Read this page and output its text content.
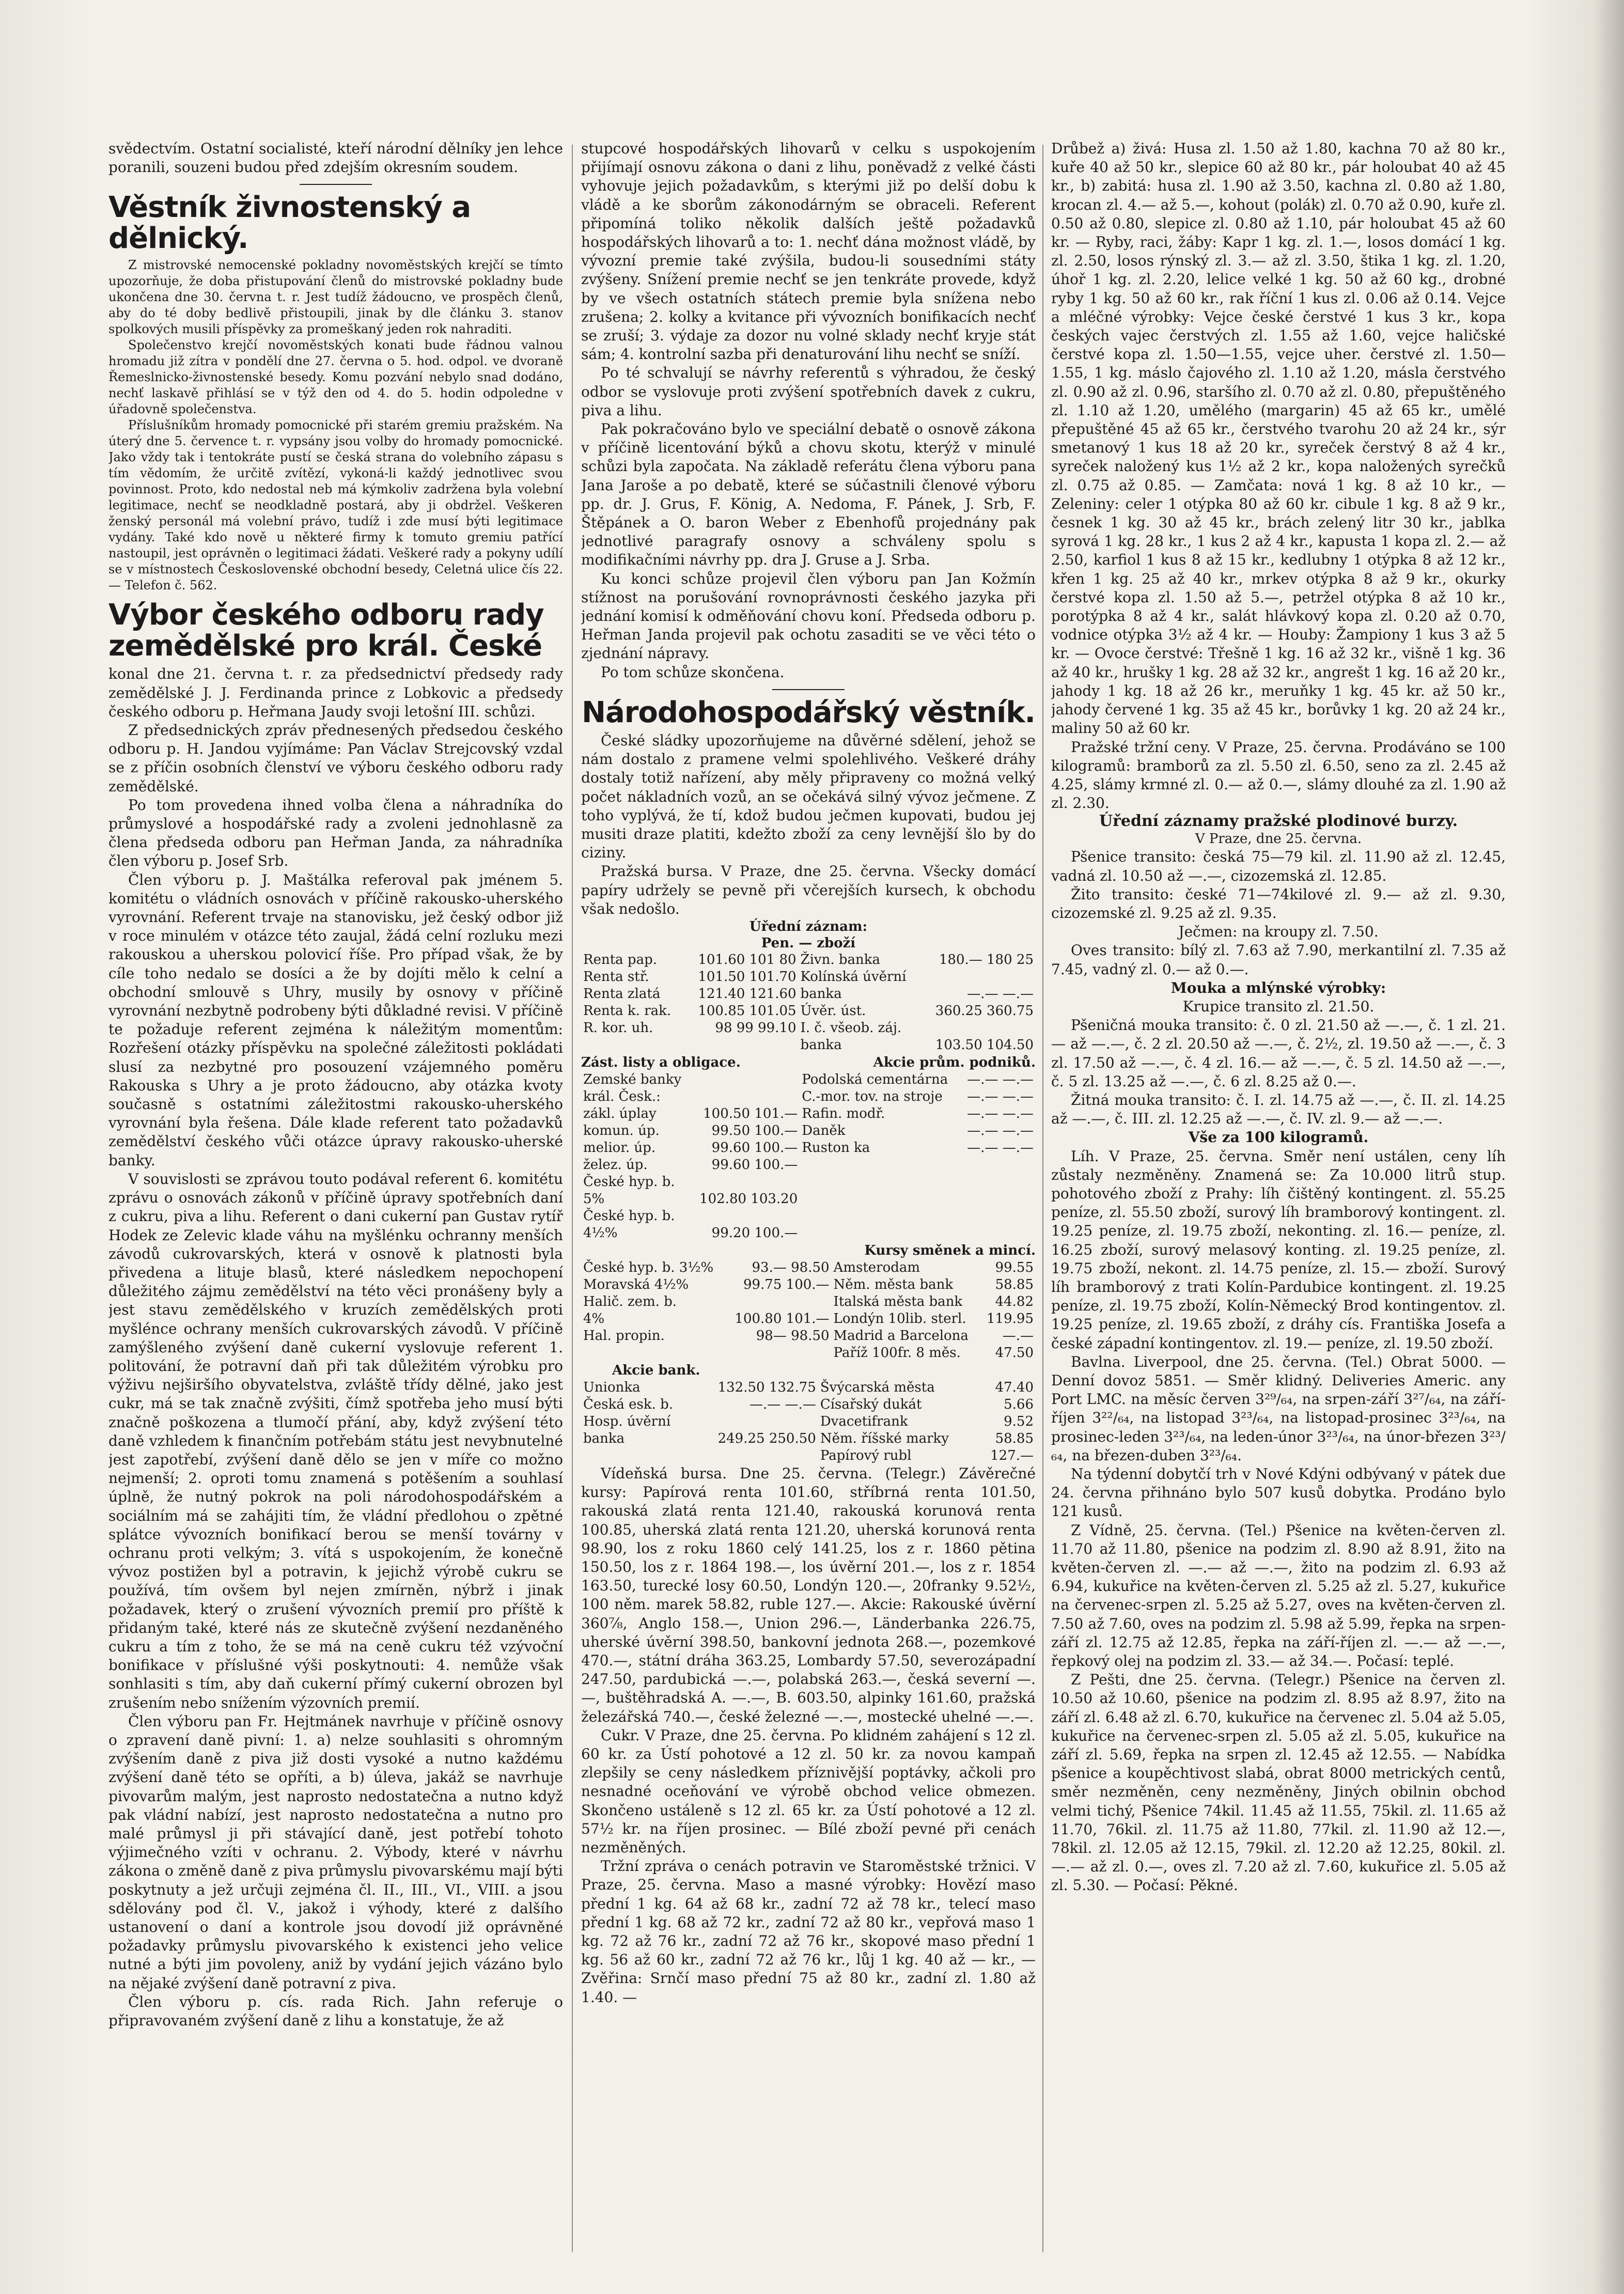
svědectvím. Ostatní socialisté, kteří národní dělníky jen lehce poranili, souzeni budou před zdejším okresním soudem.

Věstník živnostenský a dělnický.

Z mistrovské nemocenské pokladny novoměstských krejčí se tímto upozorňuje, že doba přistupování členů do mistrovské pokladny bude ukončena dne 30. června t. r. Jest tudíž žádoucno, ve prospěch členů, aby do té doby bedlivě přistoupili, jinak by dle článku 3. stanov spolkových musili příspěvky za promeškaný jeden rok nahraditi.

Společenstvo krejčí novoměstských konati bude řádnou valnou hromadu již zítra v pondělí dne 27. června o 5. hod. odpol. ve dvoraně Řemeslnicko-živnostenské besedy. Komu pozvání nebylo snad dodáno, nechť laskavě přihlásí se v týž den od 4. do 5. hodin odpoledne v úřadovně společenstva.

Příslušníkům hromady pomocnické při starém gremiu pražském. Na úterý dne 5. července t. r. vypsány jsou volby do hromady pomocnické. Jako vždy tak i tentokráte pustí se česká strana do volebního zápasu s tím vědomím, že určitě zvítězí, vykoná-li každý jednotlivec svou povinnost. Proto, kdo nedostal neb má kýmkoliv zadržena byla volební legitimace, nechť se neodkladně postará, aby ji obdržel. Veškeren ženský personál má volební právo, tudíž i zde musí býti legitimace vydány. Také kdo nově u některé firmy k tomuto gremiu patřící nastoupil, jest oprávněn o legitimaci žádati. Veškeré rady a pokyny udílí se v místnostech Československé obchodní besedy, Celetná ulice čís 22. — Telefon č. 562.

Výbor českého odboru rady zemědělské pro král. České

konal dne 21. června t. r. za předsednictví předsedy rady zemědělské J. J. Ferdinanda prince z Lobkovic a předsedy českého odboru p. Heřmana Jaudy svoji letošní III. schůzi.

Z předsednických zpráv přednesených předsedou českého odboru p. H. Jandou vyjímáme: Pan Václav Strejcovský vzdal se z příčin osobních členství ve výboru českého odboru rady zemědělské.

Po tom provedena ihned volba člena a náhradníka do průmyslové a hospodářské rady a zvoleni jednohlasně za člena předseda odboru pan Heřman Janda, za náhradníka člen výboru p. Josef Srb.

Člen výboru p. J. Maštálka referoval pak jménem 5. komitétu o vládních osnovách v příčině rakousko-uherského vyrovnání. Referent trvaje na stanovisku, jež český odbor již v roce minulém v otázce této zaujal, žádá celní rozluku mezi rakouskou a uherskou polovicí říše. Pro případ však, že by cíle toho nedalo se dosíci a že by dojíti mělo k celní a obchodní smlouvě s Uhry, musily by osnovy v příčině vyrovnání nezbytně podrobeny býti důkladné revisi. V příčině te požaduje referent zejména k náležitým momentům: Rozřešení otázky příspěvku na společné záležitosti pokládati slusí za nezbytné pro posouzení vzájemného poměru Rakouska s Uhry a je proto žádoucno, aby otázka kvoty současně s ostatními záležitostmi rakousko-uherského vyrovnání byla řešena. Dále klade referent tato požadavků zemědělství českého vůči otázce úpravy rakousko-uherské banky.

V souvislosti se zprávou touto podával referent 6. komitétu zprávu o osnovách zákonů v příčině úpravy spotřebních daní z cukru, piva a lihu. Referent o dani cukerní pan Gustav rytíř Hodek ze Zelevic klade váhu na myšlénku ochranny menších závodů cukrovarských, která v osnově k platnosti byla přivedena a lituje blasů, které následkem nepochopení důležitého zájmu zemědělství na této věci pronášeny byly a jest stavu zemědělského v kruzích zemědělských proti myšlénce ochrany menších cukrovarských závodů. V příčině zamýšleného zvýšení daně cukerní vyslovuje referent 1. politování, že potravní daň při tak důležitém výrobku pro výživu nejširšího obyvatelstva, zvláště třídy dělné, jako jest cukr, má se tak značně zvýšiti, čímž spotřeba jeho musí býti značně poškozena a tlumočí přání, aby, když zvýšení této daně vzhledem k finančním potřebám státu jest nevybnutelné jest zapotřebí, zvýšení daně dělo se jen v míře co možno nejmenší; 2. oproti tomu znamená s potěšením a souhlasí úplně, že nutný pokrok na poli národohospodářském a sociálním má se zahájiti tím, že vládní předlohou o zpětné splátce vývozních bonifikací berou se menší továrny v ochranu proti velkým; 3. vítá s uspokojením, že konečně vývoz postižen byl a potravin, k jejichž výrobě cukru se používá, tím ovšem byl nejen zmírněn, nýbrž i jinak požadavek, který o zrušení vývozních premií pro příště k přidaným také, které nás ze skutečně zvýšení nezdaněného cukru a tím z toho, že se má na ceně cukru též vzývoční bonifikace v příslušné výši poskytnouti: 4. nemůže však sonhlasiti s tím, aby daň cukerní přímý cukerní obrozen byl zrušením nebo snížením výzovních premií.

Člen výboru pan Fr. Hejtmánek navrhuje v příčině osnovy o zpravení daně pivní: 1. a) nelze souhlasiti s ohromným zvýšením daně z piva již dosti vysoké a nutno každému zvýšení daně této se opříti, a b) úleva, jakáž se navrhuje pivovarům malým, jest naprosto nedostatečna a nutno když pak vládní nabízí, jest naprosto nedostatečna a nutno pro malé průmysl ji při stávající daně, jest potřebí tohoto výjimečného vzíti v ochranu. 2. Výbody, které v návrhu zákona o změně daně z piva průmyslu pivovarskému mají býti poskytnuty a jež určuji zejména čl. II., III., VI., VIII. a jsou sdělovány pod čl. V., jakož i výhody, které z dalšího ustanovení o daní a kontrole jsou dovodí již oprávněné požadavky průmyslu pivovarského k existenci jeho velice nutné a býti jim povoleny, aniž by vydání jejich vázáno bylo na nějaké zvýšení daně potravní z piva.

Člen výboru p. cís. rada Rich. Jahn referuje o připravovaném zvýšení daně z lihu a konstatuje, že až

stupcové hospodářských lihovarů v celku s uspokojením přijímají osnovu zákona o dani z lihu, poněvadž z velké části vyhovuje jejich požadavkům, s kterými již po delší dobu k vládě a ke sborům zákonodárným se obraceli. Referent připomíná toliko několik dalších ještě požadavků hospodářských lihovarů a to: 1. nechť dána možnost vládě, by vývozní premie také zvýšila, budou-li sousedními státy zvýšeny. Snížení premie nechť se jen tenkráte provede, když by ve všech ostatních státech premie byla snížena nebo zrušena; 2. kolky a kvitance při vývozních bonifikacích nechť se zruší; 3. výdaje za dozor nu volné sklady nechť kryje stát sám; 4. kontrolní sazba při denaturování lihu nechť se sníží.

Po té schvalují se návrhy referentů s výhradou, že český odbor se vyslovuje proti zvýšení spotřebních davek z cukru, piva a lihu.

Pak pokračováno bylo ve speciální debatě o osnově zákona v příčině licentování býků a chovu skotu, kterýž v minulé schůzi byla započata. Na základě referátu člena výboru pana Jana Jaroše a po debatě, které se súčastnili členové výboru pp. dr. J. Grus, F. König, A. Nedoma, F. Pánek, J. Srb, F. Štěpánek a O. baron Weber z Ebenhofů projednány pak jednotlivé paragrafy osnovy a schváleny spolu s modifikačními návrhy pp. dra J. Gruse a J. Srba.

Ku konci schůze projevil člen výboru pan Jan Kožmín stížnost na porušování rovnoprávnosti českého jazyka při jednání komisí k odměňování chovu koní. Předseda odboru p. Heřman Janda projevil pak ochotu zasaditi se ve věci této o zjednání nápravy.

Po tom schůze skončena.

Národohospodářský věstník.

České sládky upozorňujeme na důvěrné sdělení, jehož se nám dostalo z pramene velmi spolehlivého. Veškeré dráhy dostaly totiž nařízení, aby měly připraveny co možná velký počet nákladních vozů, an se očekává silný vývoz ječmene. Z toho vyplývá, že tí, kdož budou ječmen kupovati, budou jej musiti draze platiti, kdežto zboží za ceny levnější šlo by do ciziny.

Pražská bursa. V Praze, dne 25. června. Všecky domácí papíry udržely se pevně při včerejších kursech, k obchodu však nedošlo.

Úřední záznam:
Pen. — zboží
Renta pap.	101.60 101 80	Živn. banka	180.— 180 25
Renta stř.	101.50 101.70	Kolínská úvěrní	
Renta zlatá	121.40 121.60	banka	—.— —.—
Renta k. rak.	100.85 101.05	Úvěr. úst.	360.25 360.75
R. kor. uh.	98 99 99.10	I. č. všeob. záj.	
		banka	103.50 104.50
Zást. listy a obligace.	Akcie prům. podniků.
Zemské banky		Podolská cementárna	—.— —.—
král. Česk.:		C.-mor. tov. na stroje	—.— —.—
zákl. úplay	100.50 101.—	Rafin. modř.	—.— —.—
komun. úp.	99.50 100.—	Daněk	—.— —.—
melior. úp.	99.60 100.—	Ruston ka	—.— —.—
želez. úp.	99.60 100.—		
České hyp. b.			
5%	102.80 103.20		
České hyp. b.			
4½%	99.20 100.—		
Kursy směnek a mincí.
České hyp. b. 3½%	93.— 98.50	Amsterodam	99.55
Moravská 4½%	99.75 100.—	Něm. města bank	58.85
Halič. zem. b.		Italská města bank	44.82
4%	100.80 101.—	Londýn 10lib. sterl.	119.95
Hal. propin.	98— 98.50	Madrid a Barcelona	—.—
		Paříž 100fr. 8 měs.	47.50
Akcie bank.
Unionka	132.50 132.75	Švýcarská města	47.40
Česká esk. b.	—.— —.—	Císařský dukát	5.66
Hosp. úvěrní		Dvacetifrank	9.52
banka	249.25 250.50	Něm. říšské marky	58.85
		Papírový rubl	127.—

Vídeňská bursa. Dne 25. června. (Telegr.) Závěrečné kursy: Papírová renta 101.60, stříbrná renta 101.50, rakouská zlatá renta 121.40, rakouská korunová renta 100.85, uherská zlatá renta 121.20, uherská korunová renta 98.90, los z roku 1860 celý 141.25, los z r. 1860 pětina 150.50, los z r. 1864 198.—, los úvěrní 201.—, los z r. 1854 163.50, turecké losy 60.50, Londýn 120.—, 20franky 9.52½, 100 něm. marek 58.82, ruble 127.—. Akcie: Rakouské úvěrní 360⅞, Anglo 158.—, Union 296.—, Länderbanka 226.75, uherské úvěrní 398.50, bankovní jednota 268.—, pozemkové 470.—, státní dráha 363.25, Lombardy 57.50, severozápadní 247.50, pardubická —.—, polabská 263.—, česká severní —.—, buštěhradská A. —.—, B. 603.50, alpinky 161.60, pražská železářská 740.—, české železné —.—, mostecké uhelné —.—.

Cukr. V Praze, dne 25. června. Po klidném zahájení s 12 zl. 60 kr. za Ústí pohotové a 12 zl. 50 kr. za novou kampaň zlepšily se ceny následkem příznivější poptávky, ačkoli pro nesnadné oceňování ve výrobě obchod velice obmezen. Skončeno ustáleně s 12 zl. 65 kr. za Ústí pohotové a 12 zl. 57½ kr. na říjen prosinec. — Bílé zboží pevné při cenách nezměněných.

Tržní zpráva o cenách potravin ve Staroměstské tržnici. V Praze, 25. června. Maso a masné výrobky: Hovězí maso přední 1 kg. 64 až 68 kr., zadní 72 až 78 kr., telecí maso přední 1 kg. 68 až 72 kr., zadní 72 až 80 kr., vepřová maso 1 kg. 72 až 76 kr., zadní 72 až 76 kr., skopové maso přední 1 kg. 56 až 60 kr., zadní 72 až 76 kr., lůj 1 kg. 40 až — kr., — Zvěřina: Srnčí maso přední 75 až 80 kr., zadní zl. 1.80 až 1.40. —

Drůbež a) živá: Husa zl. 1.50 až 1.80, kachna 70 až 80 kr., kuře 40 až 50 kr., slepice 60 až 80 kr., pár holoubat 40 až 45 kr., b) zabitá: husa zl. 1.90 až 3.50, kachna zl. 0.80 až 1.80, krocan zl. 4.— až 5.—, kohout (polák) zl. 0.70 až 0.90, kuře zl. 0.50 až 0.80, slepice zl. 0.80 až 1.10, pár holoubat 45 až 60 kr. — Ryby, raci, žáby: Kapr 1 kg. zl. 1.—, losos domácí 1 kg. zl. 2.50, losos rýnský zl. 3.— až zl. 3.50, štika 1 kg. zl. 1.20, úhoř 1 kg. zl. 2.20, lelice velké 1 kg. 50 až 60 kg., drobné ryby 1 kg. 50 až 60 kr., rak říční 1 kus zl. 0.06 až 0.14. Vejce a mléčné výrobky: Vejce české čerstvé 1 kus 3 kr., kopa českých vajec čerstvých zl. 1.55 až 1.60, vejce haličské čerstvé kopa zl. 1.50—1.55, vejce uher. čerstvé zl. 1.50—1.55, 1 kg. máslo čajového zl. 1.10 až 1.20, másla čerstvého zl. 0.90 až zl. 0.96, staršího zl. 0.70 až zl. 0.80, přepuštěného zl. 1.10 až 1.20, umělého (margarin) 45 až 65 kr., umělé přepuštěné 45 až 65 kr., čerstvého tvarohu 20 až 24 kr., sýr smetanový 1 kus 18 až 20 kr., syreček čerstvý 8 až 4 kr., syreček naložený kus 1½ až 2 kr., kopa naložených syrečků zl. 0.75 až 0.85. — Zamčata: nová 1 kg. 8 až 10 kr., — Zeleniny: celer 1 otýpka 80 až 60 kr. cibule 1 kg. 8 až 9 kr., česnek 1 kg. 30 až 45 kr., brách zelený litr 30 kr., jablka syrová 1 kg. 28 kr., 1 kus 2 až 4 kr., kapusta 1 kopa zl. 2.— až 2.50, karfiol 1 kus 8 až 15 kr., kedlubny 1 otýpka 8 až 12 kr., křen 1 kg. 25 až 40 kr., mrkev otýpka 8 až 9 kr., okurky čerstvé kopa zl. 1.50 až 5.—, petržel otýpka 8 až 10 kr., porotýpka 8 až 4 kr., salát hlávkový kopa zl. 0.20 až 0.70, vodnice otýpka 3½ až 4 kr. — Houby: Žampiony 1 kus 3 až 5 kr. — Ovoce čerstvé: Třešně 1 kg. 16 až 32 kr., višně 1 kg. 36 až 40 kr., hrušky 1 kg. 28 až 32 kr., angrešt 1 kg. 16 až 20 kr., jahody 1 kg. 18 až 26 kr., meruňky 1 kg. 45 kr. až 50 kr., jahody červené 1 kg. 35 až 45 kr., borůvky 1 kg. 20 až 24 kr., maliny 50 až 60 kr.

Pražské tržní ceny. V Praze, 25. června. Prodáváno se 100 kilogramů: bramborů za zl. 5.50 zl. 6.50, seno za zl. 2.45 až 4.25, slámy krmné zl. 0.— až 0.—, slámy dlouhé za zl. 1.90 až zl. 2.30.

Úřední záznamy pražské plodinové burzy.
V Praze, dne 25. června.

Pšenice transito: česká 75—79 kil. zl. 11.90 až zl. 12.45, vadná zl. 10.50 až —.—, cizozemská zl. 12.85.

Žito transito: české 71—74kilové zl. 9.— až zl. 9.30, cizozemské zl. 9.25 až zl. 9.35.

Ječmen: na kroupy zl. 7.50.

Oves transito: bílý zl. 7.63 až 7.90, merkantilní zl. 7.35 až 7.45, vadný zl. 0.— až 0.—.

Mouka a mlýnské výrobky:

Krupice transito zl. 21.50.

Pšeničná mouka transito: č. 0 zl. 21.50 až —.—, č. 1 zl. 21.— až —.—, č. 2 zl. 20.50 až —.—, č. 2½, zl. 19.50 až —.—, č. 3 zl. 17.50 až —.—, č. 4 zl. 16.— až —.—, č. 5 zl. 14.50 až —.—, č. 5 zl. 13.25 až —.—, č. 6 zl. 8.25 až 0.—.

Žitná mouka transito: č. I. zl. 14.75 až —.—, č. II. zl. 14.25 až —.—, č. III. zl. 12.25 až —.—, č. IV. zl. 9.— až —.—.

Vše za 100 kilogramů.

Líh. V Praze, 25. června. Směr není ustálen, ceny líh zůstaly nezměněny. Znamená se: Za 10.000 litrů stup. pohotového zboží z Prahy: líh čištěný kontingent. zl. 55.25 peníze, zl. 55.50 zboží, surový líh bramborový kontingent. zl. 19.25 peníze, zl. 19.75 zboží, nekonting. zl. 16.— peníze, zl. 16.25 zboží, surový melasový konting. zl. 19.25 peníze, zl. 19.75 zboží, nekont. zl. 14.75 peníze, zl. 15.— zboží. Surový líh bramborový z trati Kolín-Pardubice kontingent. zl. 19.25 peníze, zl. 19.75 zboží, Kolín-Německý Brod kontingentov. zl. 19.25 peníze, zl. 19.65 zboží, z dráhy cís. Františka Josefa a české západní kontingentov. zl. 19.— peníze, zl. 19.50 zboží.

Bavlna. Liverpool, dne 25. června. (Tel.) Obrat 5000. — Denní dovoz 5851. — Směr klidný. Deliveries Americ. any Port LMC. na měsíc červen 3²⁹/₆₄, na srpen-září 3²⁷/₆₄, na září-říjen 3²²/₆₄, na listopad 3²³/₆₄, na listopad-prosinec 3²³/₆₄, na prosinec-leden 3²³/₆₄, na leden-únor 3²³/₆₄, na únor-březen 3²³/₆₄, na březen-duben 3²³/₆₄.

Na týdenní dobytčí trh v Nové Kdýni odbývaný v pátek due 24. června přihnáno bylo 507 kusů dobytka. Prodáno bylo 121 kusů.

Z Vídně, 25. června. (Tel.) Pšenice na květen-červen zl. 11.70 až 11.80, pšenice na podzim zl. 8.90 až 8.91, žito na květen-červen zl. —.— až —.—, žito na podzim zl. 6.93 až 6.94, kukuřice na květen-červen zl. 5.25 až zl. 5.27, kukuřice na červenec-srpen zl. 5.25 až 5.27, oves na květen-červen zl. 7.50 až 7.60, oves na podzim zl. 5.98 až 5.99, řepka na srpen-září zl. 12.75 až 12.85, řepka na září-říjen zl. —.— až —.—, řepkový olej na podzim zl. 33.— až 34.—. Počasí: teplé.

Z Pešti, dne 25. června. (Telegr.) Pšenice na červen zl. 10.50 až 10.60, pšenice na podzim zl. 8.95 až 8.97, žito na září zl. 6.48 až zl. 6.70, kukuřice na červenec zl. 5.04 až 5.05, kukuřice na červenec-srpen zl. 5.05 až zl. 5.05, kukuřice na září zl. 5.69, řepka na srpen zl. 12.45 až 12.55. — Nabídka pšenice a koupěchtivost slabá, obrat 8000 metrických centů, směr nezměněn, ceny nezměněny, Jiných obilnin obchod velmi tichý, Pšenice 74kil. 11.45 až 11.55, 75kil. zl. 11.65 až 11.70, 76kil. zl. 11.75 až 11.80, 77kil. zl. 11.90 až 12.—, 78kil. zl. 12.05 až 12.15, 79kil. zl. 12.20 až 12.25, 80kil. zl. —.— až zl. 0.—, oves zl. 7.20 až zl. 7.60, kukuřice zl. 5.05 až zl. 5.30. — Počasí: Pěkné.
